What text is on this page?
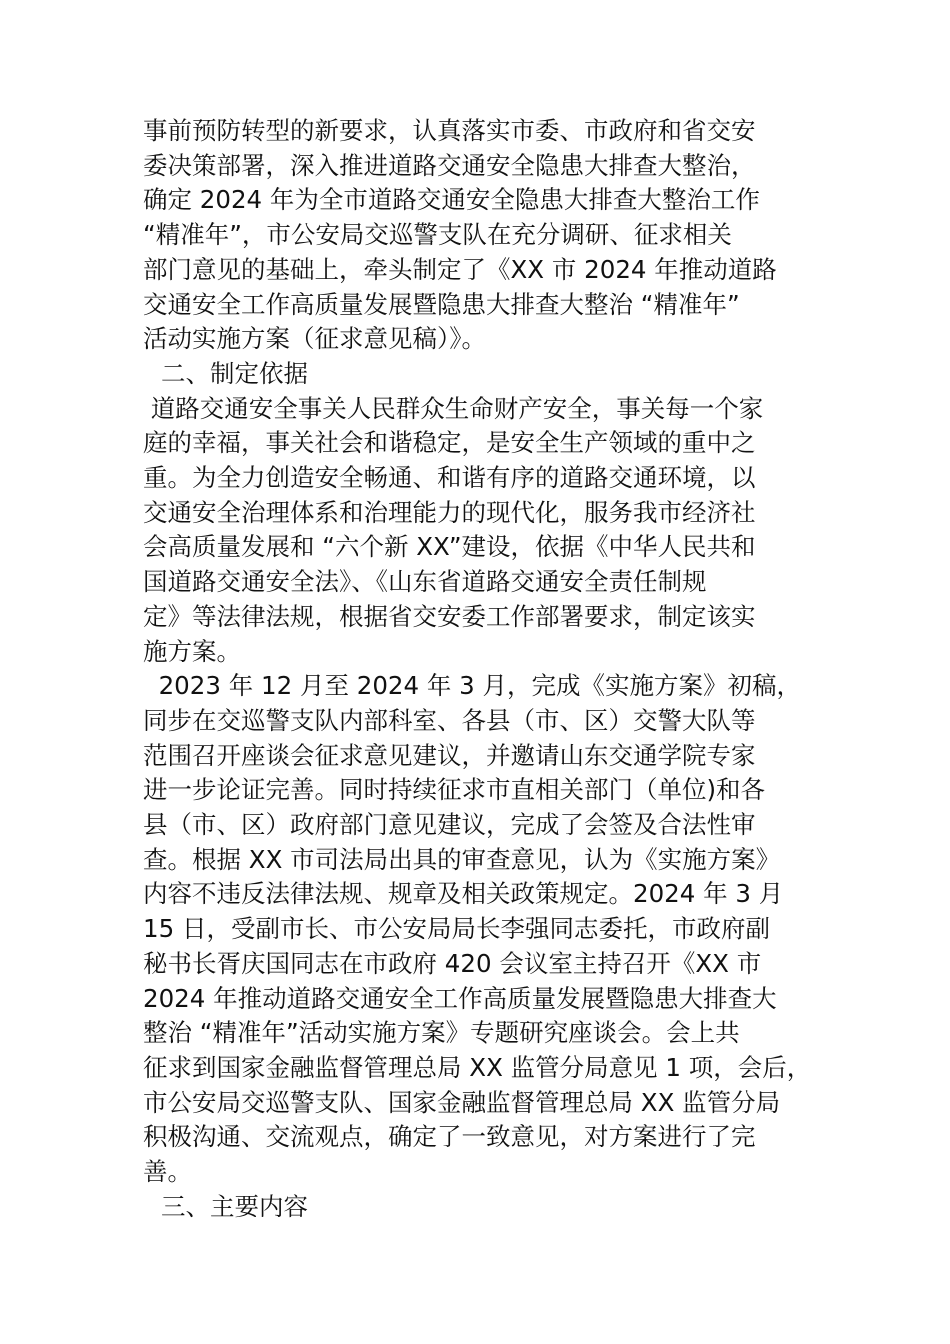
事前预防转型的新要求，认真落实市委、市政府和省交安

委决策部署，深入推进道路交通安全隐患大排查大整治，

确定 2024 年为全市道路交通安全隐患大排查大整治工作

“精准年”，市公安局交巡警支队在充分调研、征求相关

部门意见的基础上，牵头制定了《XX 市 2024 年推动道路

交通安全工作高质量发展暨隐患大排查大整治 “精准年”

活动实施方案（征求意见稿）》。

二、制定依据

道路交通安全事关人民群众生命财产安全，事关每一个家

庭的幸福，事关社会和谐稳定，是安全生产领域的重中之

重。为全力创造安全畅通、和谐有序的道路交通环境，以

交通安全治理体系和治理能力的现代化，服务我市经济社

会高质量发展和 “六个新 XX”建设，依据《中华人民共和

国道路交通安全法》、《山东省道路交通安全责任制规

定》等法律法规，根据省交安委工作部署要求，制定该实

施方案。

2023 年 12 月至 2024 年 3 月，完成《实施方案》初稿，

同步在交巡警支队内部科室、各县（市、区）交警大队等

范围召开座谈会征求意见建议，并邀请山东交通学院专家

进一步论证完善。同时持续征求市直相关部门（单位)和各

县（市、区）政府部门意见建议，完成了会签及合法性审

查。根据 XX 市司法局出具的审查意见，认为《实施方案》

内容不违反法律法规、规章及相关政策规定。2024 年 3 月

15 日，受副市长、市公安局局长李强同志委托，市政府副

秘书长胥庆国同志在市政府 420 会议室主持召开《XX 市

2024 年推动道路交通安全工作高质量发展暨隐患大排查大

整治 “精准年”活动实施方案》专题研究座谈会。会上共

征求到国家金融监督管理总局 XX 监管分局意见 1 项，会后，

市公安局交巡警支队、国家金融监督管理总局 XX 监管分局

积极沟通、交流观点，确定了一致意见，对方案进行了完

善。

三、主要内容
